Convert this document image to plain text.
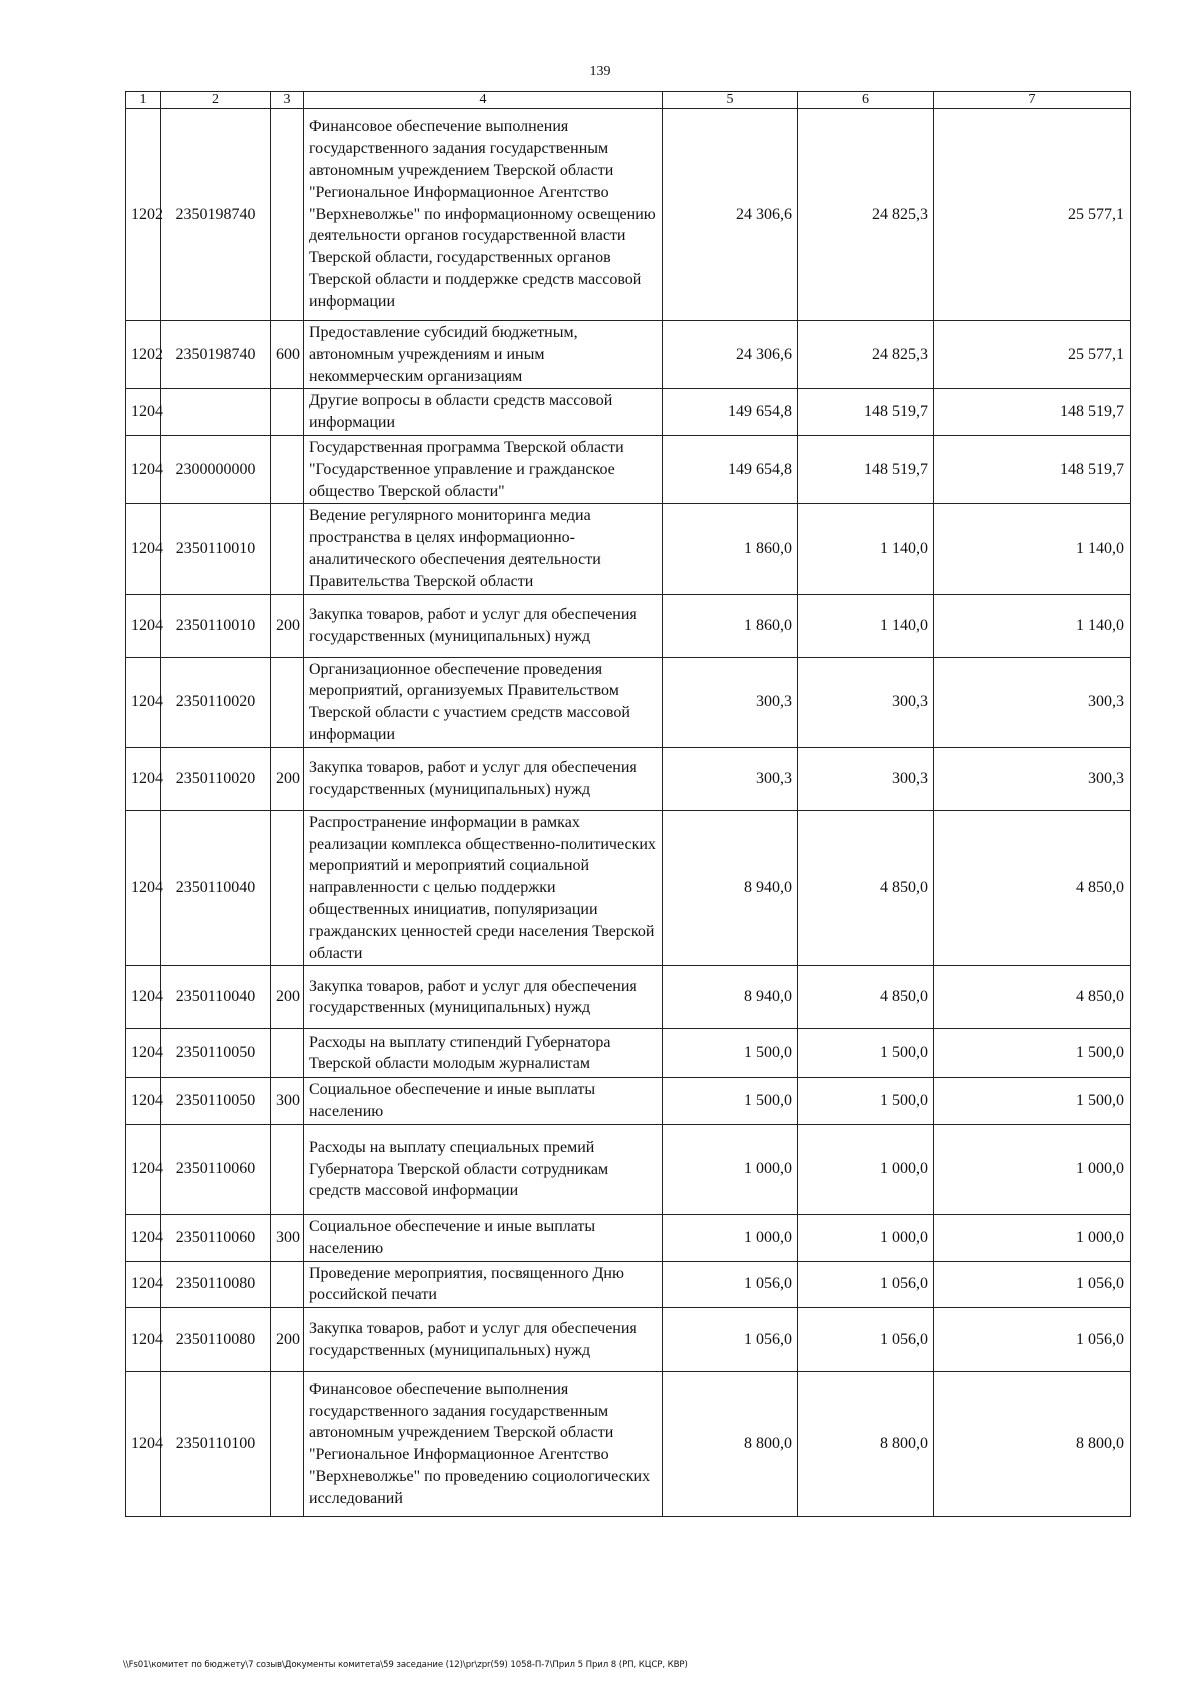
139
1	2	3	4	5	6	7
1202	2350198740		Финансовое обеспечение выполнения государственного задания государственным автономным учреждением Тверской области "Региональное Информационное Агентство "Верхневолжье" по информационному освещению деятельности органов государственной власти Тверской области, государственных органов Тверской области и поддержке средств массовой информации	24 306,6	24 825,3	25 577,1
1202	2350198740	600	Предоставление субсидий бюджетным, автономным учреждениям и иным некоммерческим организациям	24 306,6	24 825,3	25 577,1
1204			Другие вопросы в области средств массовой информации	149 654,8	148 519,7	148 519,7
1204	2300000000		Государственная программа Тверской области "Государственное управление и гражданское общество Тверской области"	149 654,8	148 519,7	148 519,7
1204	2350110010		Ведение регулярного мониторинга медиа пространства в целях информационно-аналитического обеспечения деятельности Правительства Тверской области	1 860,0	1 140,0	1 140,0
1204	2350110010	200	Закупка товаров, работ и услуг для обеспечения государственных (муниципальных) нужд	1 860,0	1 140,0	1 140,0
1204	2350110020		Организационное обеспечение проведения мероприятий, организуемых Правительством Тверской области с участием средств массовой информации	300,3	300,3	300,3
1204	2350110020	200	Закупка товаров, работ и услуг для обеспечения государственных (муниципальных) нужд	300,3	300,3	300,3
1204	2350110040		Распространение информации в рамках реализации комплекса общественно-политических мероприятий и мероприятий социальной направленности с целью поддержки общественных инициатив, популяризации гражданских ценностей среди населения Тверской области	8 940,0	4 850,0	4 850,0
1204	2350110040	200	Закупка товаров, работ и услуг для обеспечения государственных (муниципальных) нужд	8 940,0	4 850,0	4 850,0
1204	2350110050		Расходы на выплату стипендий Губернатора Тверской области молодым журналистам	1 500,0	1 500,0	1 500,0
1204	2350110050	300	Социальное обеспечение и иные выплаты населению	1 500,0	1 500,0	1 500,0
1204	2350110060		Расходы на выплату специальных премий Губернатора Тверской области сотрудникам средств массовой информации	1 000,0	1 000,0	1 000,0
1204	2350110060	300	Социальное обеспечение и иные выплаты населению	1 000,0	1 000,0	1 000,0
1204	2350110080		Проведение мероприятия, посвященного Дню российской печати	1 056,0	1 056,0	1 056,0
1204	2350110080	200	Закупка товаров, работ и услуг для обеспечения государственных (муниципальных) нужд	1 056,0	1 056,0	1 056,0
1204	2350110100		Финансовое обеспечение выполнения государственного задания государственным автономным учреждением Тверской области "Региональное Информационное Агентство "Верхневолжье" по проведению социологических исследований	8 800,0	8 800,0	8 800,0
\\Fs01\комитет по бюджету\7 созыв\Документы комитета\59 заседание (12)\pr\zpr(59) 1058-П-7\Прил 5 Прил 8 (РП, КЦСР, КВР)
